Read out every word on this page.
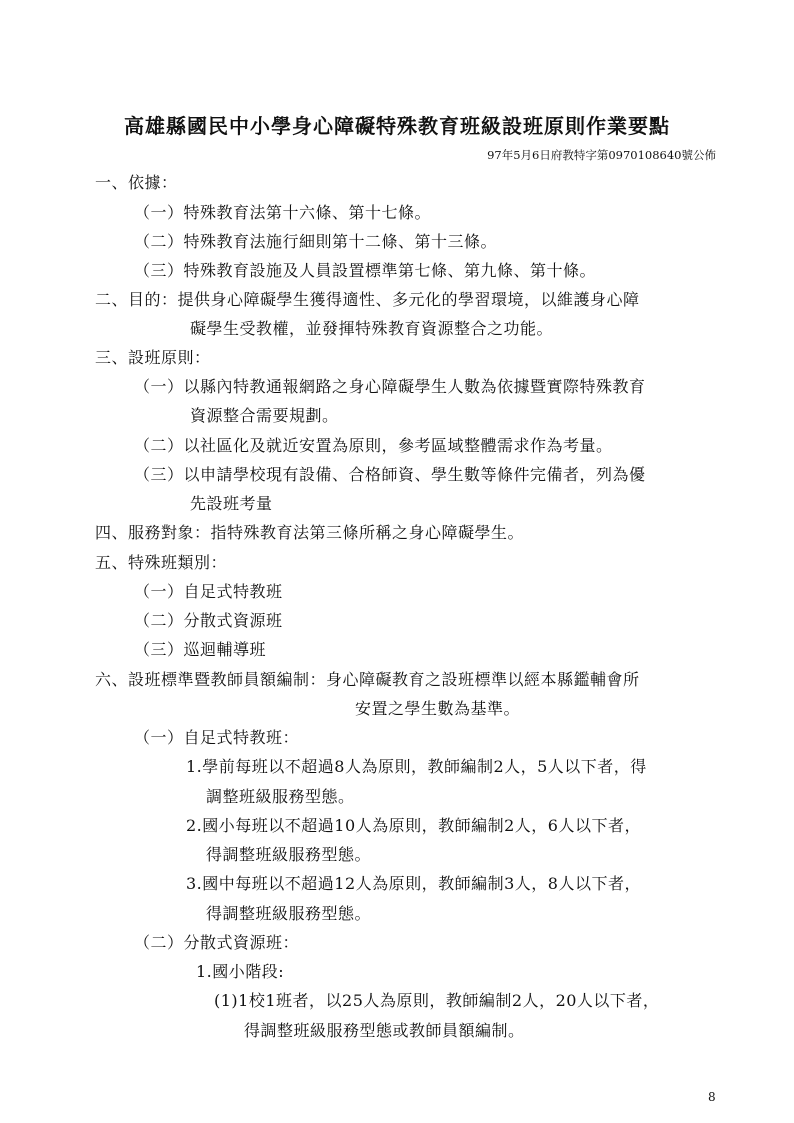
高雄縣國民中小學身心障礙特殊教育班級設班原則作業要點
97年5月6日府教特字第0970108640號公佈
一、依據：
（一）特殊教育法第十六條、第十七條。
（二）特殊教育法施行細則第十二條、第十三條。
（三）特殊教育設施及人員設置標準第七條、第九條、第十條。
二、目的：提供身心障礙學生獲得適性、多元化的學習環境，以維護身心障
礙學生受教權，並發揮特殊教育資源整合之功能。
三、設班原則：
（一）以縣內特教通報網路之身心障礙學生人數為依據暨實際特殊教育
資源整合需要規劃。
（二）以社區化及就近安置為原則，參考區域整體需求作為考量。
（三）以申請學校現有設備、合格師資、學生數等條件完備者，列為優
先設班考量
四、服務對象：指特殊教育法第三條所稱之身心障礙學生。
五、特殊班類別：
（一）自足式特教班
（二）分散式資源班
（三）巡迴輔導班
六、設班標準暨教師員額編制：身心障礙教育之設班標準以經本縣鑑輔會所
安置之學生數為基準。
（一）自足式特教班：
1.學前每班以不超過8人為原則，教師編制2人，5人以下者，得
調整班級服務型態。
2.國小每班以不超過10人為原則，教師編制2人，6人以下者，
得調整班級服務型態。
3.國中每班以不超過12人為原則，教師編制3人，8人以下者，
得調整班級服務型態。
（二）分散式資源班：
1.國小階段:
(1)1校1班者，以25人為原則，教師編制2人，20人以下者，
得調整班級服務型態或教師員額編制。
8
